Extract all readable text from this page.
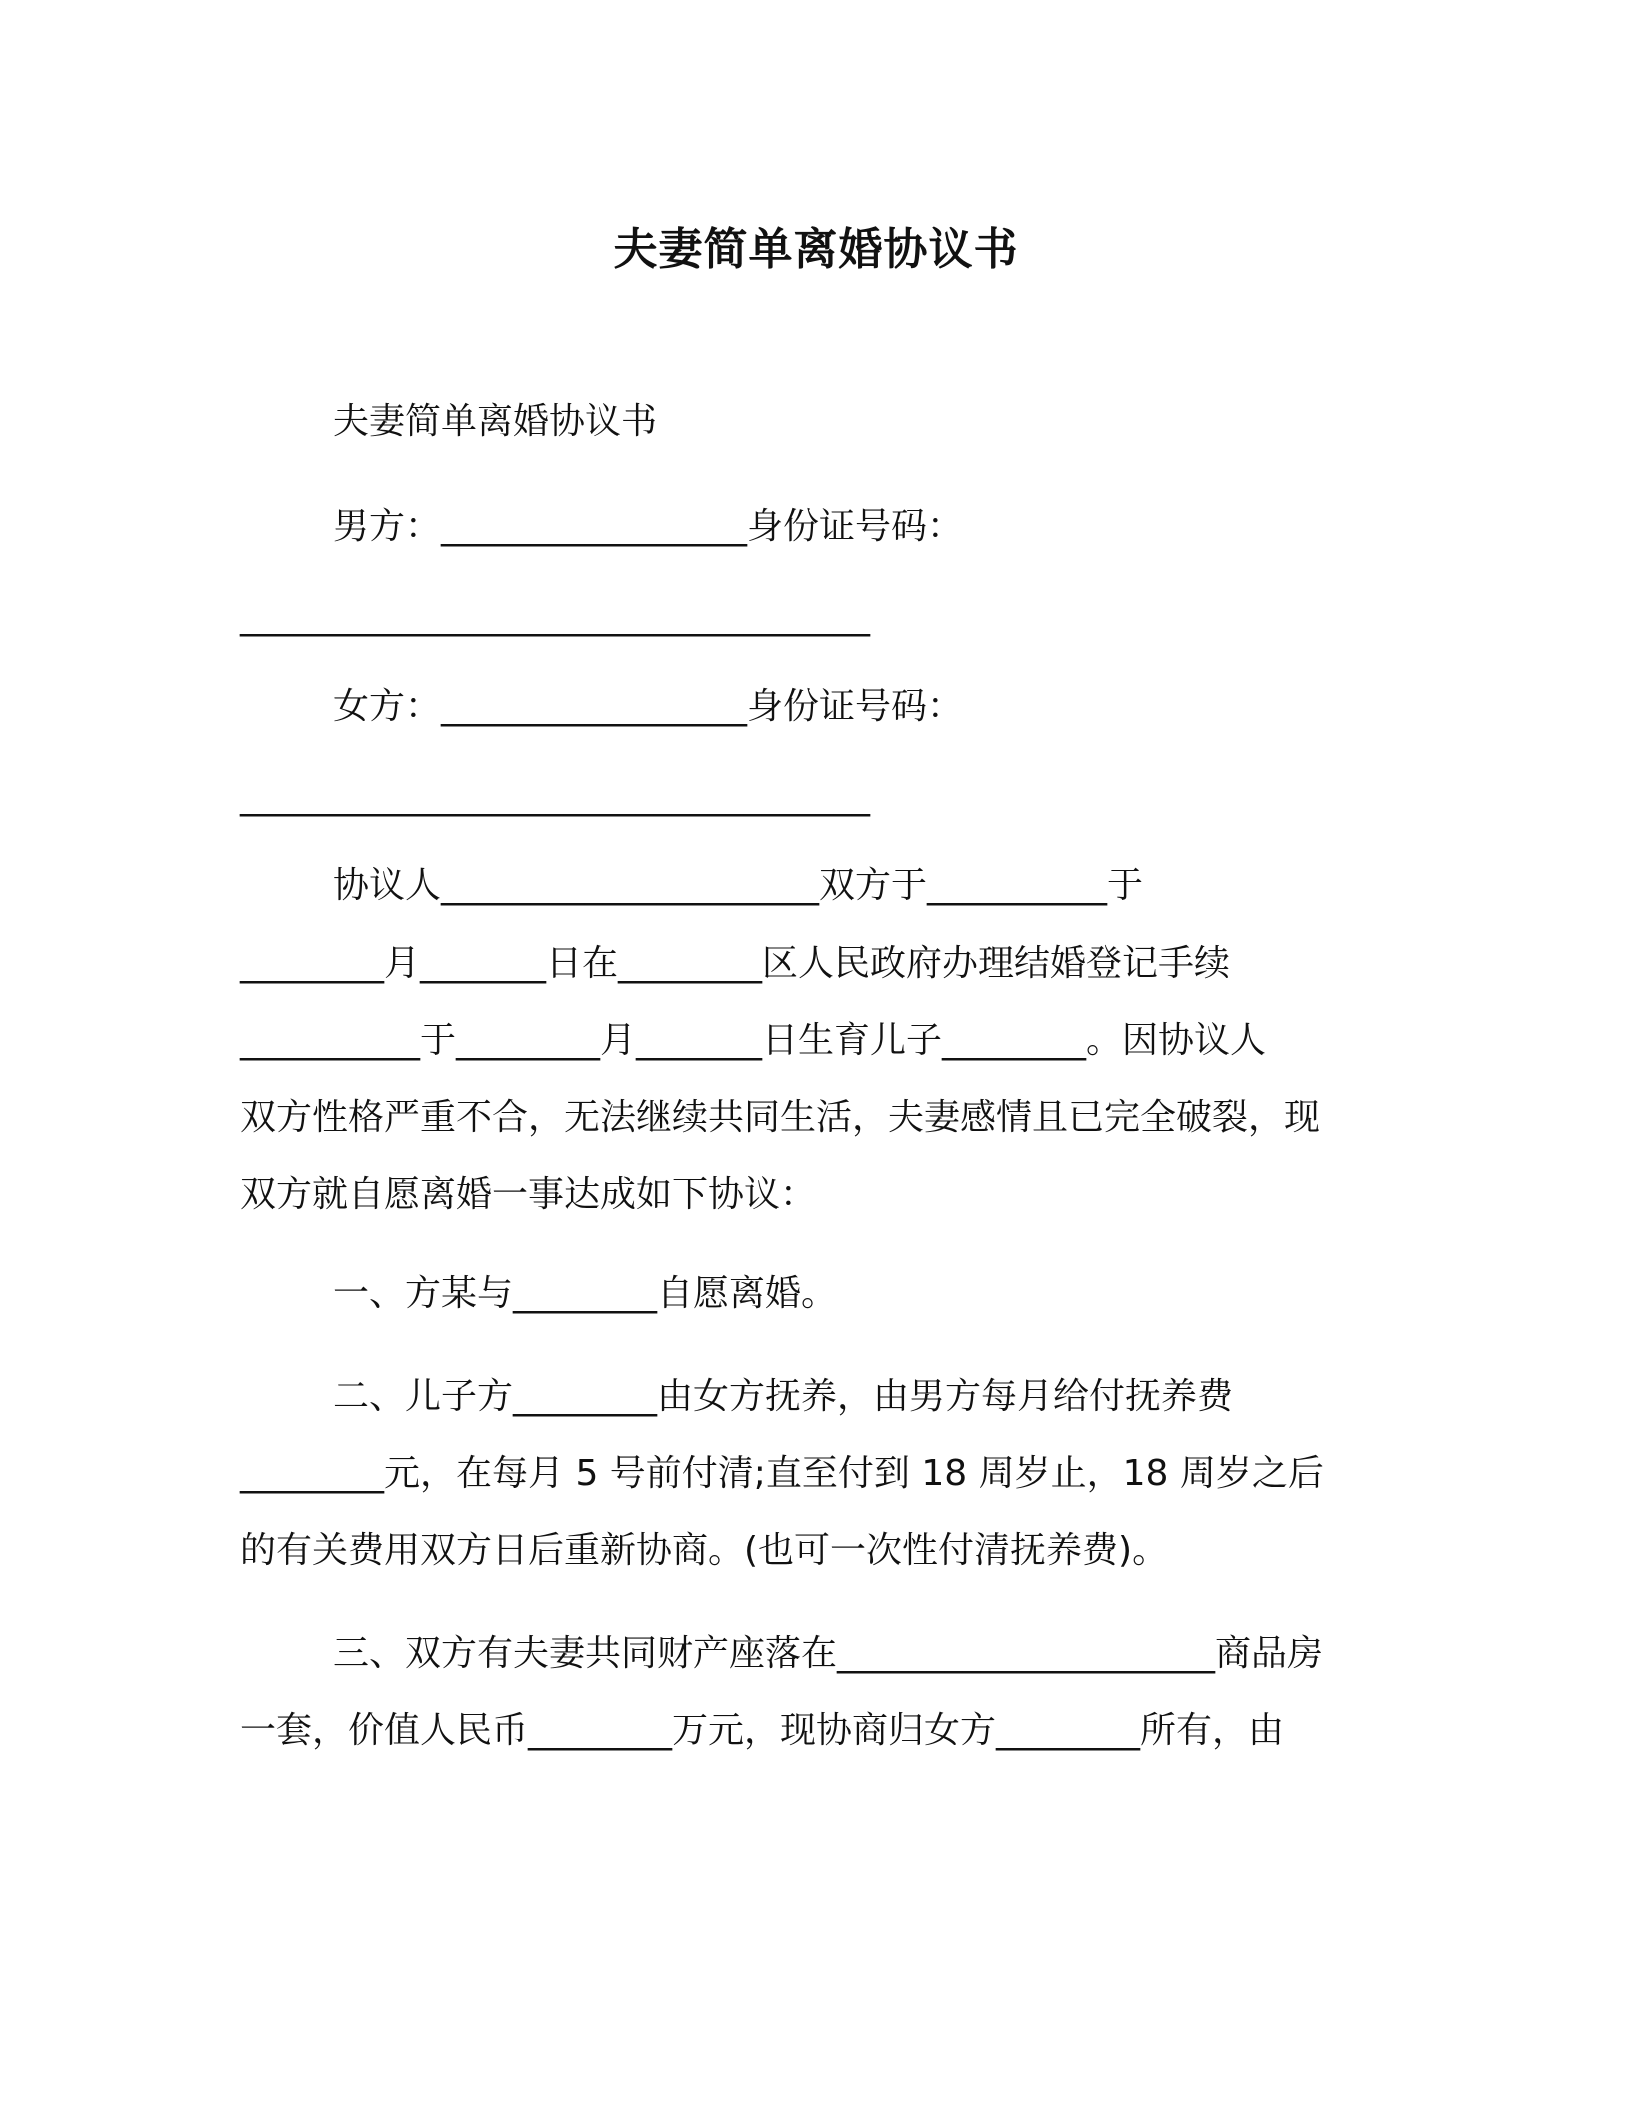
夫妻简单离婚协议书
夫妻简单离婚协议书
男方：_________________身份证号码：
___________________________________
女方：_________________身份证号码：
___________________________________
协议人_____________________双方于__________于
________月_______日在________区人民政府办理结婚登记手续
__________于________月_______日生育儿子________。因协议人
双方性格严重不合，无法继续共同生活，夫妻感情且已完全破裂，现
双方就自愿离婚一事达成如下协议：
一、方某与________自愿离婚。
二、儿子方________由女方抚养，由男方每月给付抚养费
________元，在每月 5 号前付清;直至付到 18 周岁止，18 周岁之后
的有关费用双方日后重新协商。(也可一次性付清抚养费)。
三、双方有夫妻共同财产座落在_____________________商品房
一套，价值人民币________万元，现协商归女方________所有，由
